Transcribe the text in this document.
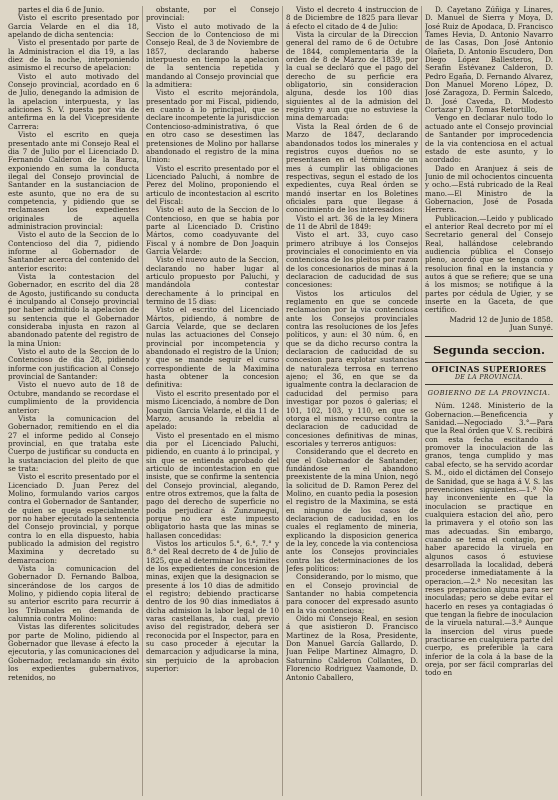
partes el dia 6 de Junio.

Visto el escrito presentado por Garcia Velarde en el dia 18, apelando de dicha sentencia:

Visto el presentado por parte de la Administracion el dia 19, a las diez de la noche, interponiendo asimismo el recurso de apelacion:

Visto el auto motivado del Consejo provincial, acordado en 6 de Julio, denegando la admision de la apelacion interpuesta, y las adiciones S. V. puesta por via de antefirma en la del Vicepresidente Carrera:

Visto el escrito en queja presentado ante mi Consejo Real el dia 7 de Julio por el Licenciado D. Fernando Calderon de la Barca, exponiendo en suma la conducta ilegal del Consejo provincial de Santander en la sustanciacion de este asunto, que no era de su competencia, y pidiendo que se reclamasen los expedientes originales de aquella administracion provincial:

Visto el auto de la Seccion de lo Contencioso del dia 7, pidiendo informe al Gobernador de Santander acerca del contenido del anterior escrito:

Vista la contestacion del Gobernador, en escrito del dia 28 de Agosto, justificando su conducta é inculpando al Consejo provincial por haber admitido la apelacion de su sentencia que el Gobernador consideraba injusta en razon al abandonado patente del registro de la mina Union:

Visto el auto de la Seccion de lo Contencioso de dia 28, pidiendo informe con justificacion al Consejo provincial de Santander:

Visto el nuevo auto de 18 de Octubre, mandando se recordase el cumplimiento de la providencia anterior:

Vista la comunicacion del Gobernador, remitiendo en el dia 27 el informe pedido al Consejo provincial, en que trataba este Cuerpo de justificar su conducta en la sustanciacion del pleito de que se trata:

Visto el escrito presentado por el Licenciado D. Juan Perez del Molino, formulando varios cargos contra el Gobernador de Santander, de quien se queja especialmente por no haber ejecutado la sentencia del Consejo provincial, y porque contra lo en ella dispuesto, habia publicado la admision del registro Maximina y decretado su demarcacion:

Vista la comunicacion del Gobernador D. Fernando Balboa, sincerándose de los cargos de Molino, y pidiendo copia literal de su anterior escrito para recurrir á los Tribunales en demanda de calumnia contra Molino:

Vistas las diferentes solicitudes por parte de Molino, pidiendo al Gobernador que llevase á efecto la ejecutoria, y las comunicaciones del Gobernador, reclamando sin éxito los expedientes gubernativos, retenidos, no

obstante, por el Consejo provincial:

Visto el auto motivado de la Seccion de lo Contencioso de mi Consejo Real, de 3 de Noviembre de 1857, declarando haberse interpuesto en tiempo la apelacion de la sentencia repetida y mandando al Consejo provincial que la admitiera:

Visto el escrito mejorándola, presentado por mi Fiscal, pidiendo, en cuanto á lo principal, que se declare incompetente la jurisdiccion Contencioso-administrativa, ó que en otro caso se desestimen las pretensiones de Molino por hallarse abandonado el registro de la mina Union:

Visto el escrito presentado por el Licenciado Paluchi, á nombre de Perez del Molino, proponiendo el articulo de incontestacion al escrito del Fiscal:

Visto el auto de la Seccion de lo Contencioso, en que se habia por parte al Licenciado D. Cristino Mártos, como coadyuvante del Fiscal y á nombre de Don Joaquin Garcia Velarde:

Visto el nuevo auto de la Seccion, declarando no haber lugar al articulo propuesto por Paluchi, y mandándola contestar derechamente á lo principal en termino de 15 dias:

Visto el escrito del Licenciado Mártos, pidiendo, á nombre de Garcia Velarde, que se declaren nulas las actuaciones del Consejo provincial por incompetencia y abandonado el registro de la Union; y que se mande seguir el curso correspondiente de la Maximina hasta obtener la concesion definitiva:

Visto el escrito presentado por el mismo Licenciado, á nombre de Don Joaquin Garcia Velarde, el dia 11 de Marzo, acusando la rebeldia al apelado:

Visto el presentado en el mismo dia por el Licenciado Paluchi, pidiendo, en cuanto á lo principal, y sin que se entienda aprobado del articulo de incontestacion en que insiste, que se confirme la sentencia del Consejo provincial, alegando, entre otros extremos, que la falta de pago del derecho de superficie no podia perjudicar á Zunzunegui, porque no era este impuesto obligatorio hasta que las minas se hallasen concedidas:

Vistos los articulos 5.°, 6.°, 7.° y 8.° del Real decreto de 4 de Julio de 1825, que al determinar los trámites de los expedientes de concesion de minas, exijen que la designacion se presente á los 10 dias de admitido el registro; debiendo practicarse dentro de los 90 dias inmediatos á dicha admision la labor legal de 10 varas castellanas, la cual, previo aviso del registrador, deberá ser reconocida por el Inspector, para en su caso proceder á ejecutar la demarcacion y adjudicarse la mina, sin perjuicio de la aprobacion superior:

Visto el decreto 4 instruccion de 8 de Diciembre de 1825 para llevar á efecto el citado de 4 de Julio:

Vista la circular de la Direccion general del ramo de 6 de Octubre de 1844, complementaria de la orden de 8 de Marzo de 1839, por la cual se declaró que el pago del derecho de su perficie era obligatorio, sin consideracion alguna, desde los 100 dias siguientes al de la admision del registro y aun que no estuviese la mina demarcada:

Vista la Real órden de 6 de Marzo de 1847, declarando abandonados todos los minerales y registros cuyos dueños no se presentasen en el término de un mes á cumplir las obligaciones respectivas, segun el estado de los expedientes, cuya Real órden se mandó insertar en los Boletines oficiales para que llegase á conocimiento de los interesados:

Visto el art. 36 de la ley Minera de 11 de Abril de 1849:

Visto el art. 33, cuyo caso primero atribuye á los Consejos provinciales el conocimiento en via contenciosa de los pleitos por razon de los concesionarios de minas á la declaracion de caducidad de sus concesiones:

Vistos los articulos del reglamento en que se concede reclamacion por la via contenciosa ante los Consejos provinciales contra las resoluciones de los Jefes políticos, y aun: el 30 núm. 6, en que se da dicho recurso contra la declaracion de caducidad de su concesion para explotar sustancias de naturaleza terrosa en terreno ajeno; el 36, en que se da igualmente contra la declaracion de caducidad del permiso para investigar por pozos ó galerias; el 101, 102, 103, y 110, en que se otorga el mismo recurso contra la declaracion de caducidad de concesiones definitivas de minas, escoriales y terreros antiguos:

Considerando que el decreto en que el Gobernador de Santander, fundándose en el abandono preexistente de la mina Union, negó la solicitud de D. Ramon Perez del Molino, en cuanto pedia la posesion el registro de la Maximina, se está en ninguno de los casos de declaracion de caducidad, en los cuales el reglamento de mineria, explicando la disposicion generica de la ley, concede la via contenciosa ante los Consejos provinciales contra las determinaciones de los Jefes políticos:

Considerando, por lo mismo, que en el Consejo provincial de Santander no habia competencia para conocer del expresado asunto en la via contenciosa;

Oido mi Consejo Real, en sesion á que asistieron D. Francisco Martinez de la Rosa, Presidente, Don Manuel García Gallardo, D. Juan Felipe Martinez Almagro, D. Saturnino Calderon Collantes, D. Florencio Rodriguez Vaamonde, D. Antonio Caballero,

D. Cayetano Zúñiga y Linares, D. Manuel de Sierra y Moya, D. José Ruiz de Apodaca, D. Francisco Tames Hevia, D. Antonio Navarro de las Casas, Don José Antonio Olañeta, D. Antonio Escudero, Don Diego López Ballesteros, D. Serafin Estévanez Calderon, D. Pedro Egaña, D. Fernando Alvarez, Don Manuel Moreno López, D. José Zaragoza, D. Fermin Salcedo, D. José Caveda, D. Modesto Cortazar y D. Tomas Retortillo,

Vengo en declarar nulo todo lo actuado ante el Consejo provincial de Santander por improcedencia de la via contenciosa en el actual estado de este asunto, y lo acordado:

Dado en Aranjuez á seis de Junio de mil ochocientos cincuenta y ocho.—Está rubricado de la Real mano.—El Ministro de la Gobernacion, José de Posada Herrera.

Publicacion.—Leido y publicado el anterior Real decreto por mí el Secretario general del Consejo Real, hallándose celebrando audiencia pública el Consejo pleno, acordó que se tenga como resolucion final en la instancia y autos á que se refiere; que se una á los mismos; se notifique á la partes por cédula de Ugier, y se inserte en la Gaceta, de que certifico.

Madrid 12 de Junio de 1858.
Juan Sunyé.
Segunda seccion.
OFICINAS SUPERIORES
DE LA PROVINCIA.
GOBIERNO DE LA PROVINCIA.

Núm. 1248. Ministerio de la Gobernacion.—Beneficencia y Sanidad.—Negociado 3.°—Para que la Real órden que V. S. recibirá con esta fecha escitando á promover la inoculacion de las granos, tenga cumplido y mas cabal efecto, se ha servido acordar S. M., oido el dictámen del Consejo de Sanidad, que se haga á V. S. las prevenciones siguientes.—1.ª No hay inconveniente en que la inoculacion se practique en cualquiera estacion del año, pero la primavera y el otoño son las mas adecuadas. Sin embargo, cuando se tema el contagio, por haber aparecido la viruela en algunos casos ó estuviese desarrollada la localidad, deberá procederse inmediatamente á la operacion.—2.ª No necesitan las reses preparacion alguna para ser inoculadas; pero se debe evitar el hacerlo en reses ya contagiadas ó que tengan la fiebre de inoculacion de la viruela natural.—3.ª Aunque la insercion del virus puede practicarse en cualquiera parte del cuerpo, es preferible la cara inferior de la cola á la base de la oreja, por ser fácil comprarlas del todo en
